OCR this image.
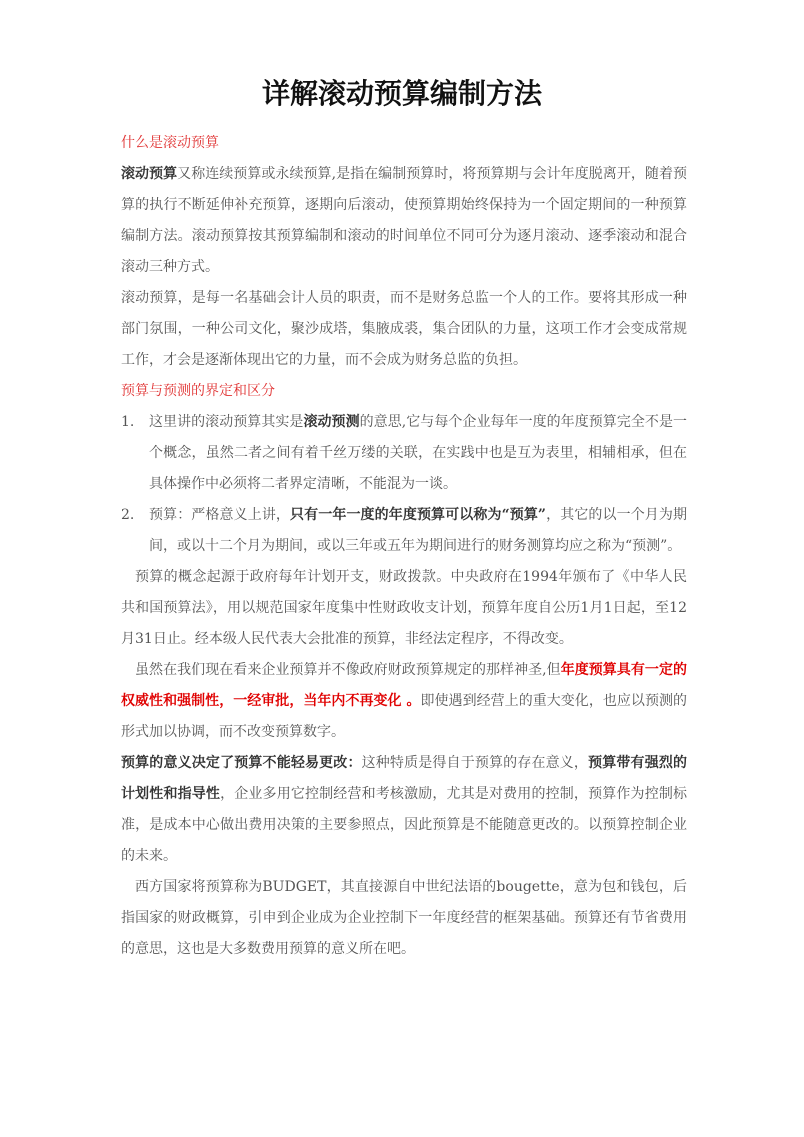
详解滚动预算编制方法

什么是滚动预算

滚动预算又称连续预算或永续预算,是指在编制预算时，将预算期与会计年度脱离开，随着预算的执行不断延伸补充预算，逐期向后滚动，使预算期始终保持为一个固定期间的一种预算编制方法。滚动预算按其预算编制和滚动的时间单位不同可分为逐月滚动、逐季滚动和混合滚动三种方式。

滚动预算，是每一名基础会计人员的职责，而不是财务总监一个人的工作。要将其形成一种部门氛围，一种公司文化，聚沙成塔，集腋成裘，集合团队的力量，这项工作才会变成常规工作，才会是逐渐体现出它的力量，而不会成为财务总监的负担。

预算与预测的界定和区分

1. 这里讲的滚动预算其实是滚动预测的意思,它与每个企业每年一度的年度预算完全不是一个概念，虽然二者之间有着千丝万缕的关联，在实践中也是互为表里，相辅相承，但在具体操作中必须将二者界定清晰，不能混为一谈。
2. 预算：严格意义上讲，只有一年一度的年度预算可以称为“预算”，其它的以一个月为期间，或以十二个月为期间，或以三年或五年为期间进行的财务测算均应之称为“预测”。

预算的概念起源于政府每年计划开支，财政拨款。中央政府在1994年颁布了《中华人民共和国预算法》，用以规范国家年度集中性财政收支计划，预算年度自公历1月1日起，至12月31日止。经本级人民代表大会批准的预算，非经法定程序，不得改变。

虽然在我们现在看来企业预算并不像政府财政预算规定的那样神圣,但年度预算具有一定的权威性和强制性，一经审批，当年内不再变化 。即使遇到经营上的重大变化，也应以预测的形式加以协调，而不改变预算数字。

预算的意义决定了预算不能轻易更改：这种特质是得自于预算的存在意义，预算带有强烈的计划性和指导性，企业多用它控制经营和考核激励，尤其是对费用的控制，预算作为控制标准，是成本中心做出费用决策的主要参照点，因此预算是不能随意更改的。以预算控制企业的未来。

西方国家将预算称为BUDGET，其直接源自中世纪法语的bougette，意为包和钱包，后指国家的财政概算，引申到企业成为企业控制下一年度经营的框架基础。预算还有节省费用的意思，这也是大多数费用预算的意义所在吧。
